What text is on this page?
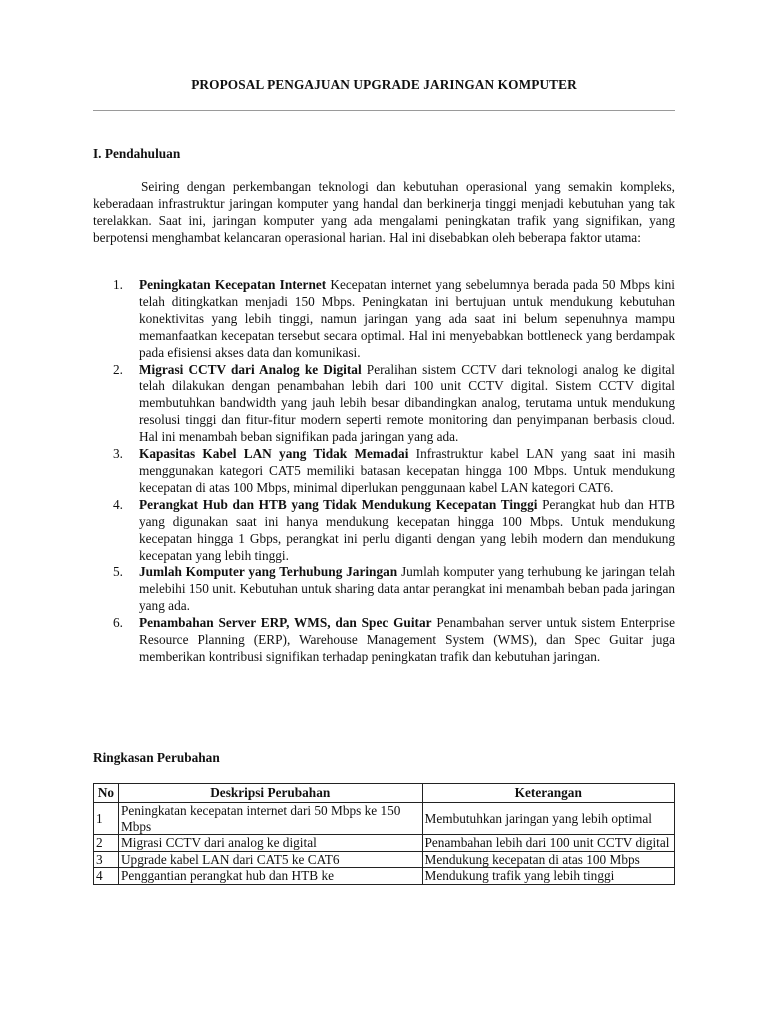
PROPOSAL PENGAJUAN UPGRADE JARINGAN KOMPUTER
I. Pendahuluan

Seiring dengan perkembangan teknologi dan kebutuhan operasional yang semakin kompleks, keberadaan infrastruktur jaringan komputer yang handal dan berkinerja tinggi menjadi kebutuhan yang tak terelakkan. Saat ini, jaringan komputer yang ada mengalami peningkatan trafik yang signifikan, yang berpotensi menghambat kelancaran operasional harian. Hal ini disebabkan oleh beberapa faktor utama:

1. Peningkatan Kecepatan Internet Kecepatan internet yang sebelumnya berada pada 50 Mbps kini telah ditingkatkan menjadi 150 Mbps. Peningkatan ini bertujuan untuk mendukung kebutuhan konektivitas yang lebih tinggi, namun jaringan yang ada saat ini belum sepenuhnya mampu memanfaatkan kecepatan tersebut secara optimal. Hal ini menyebabkan bottleneck yang berdampak pada efisiensi akses data dan komunikasi.
2. Migrasi CCTV dari Analog ke Digital Peralihan sistem CCTV dari teknologi analog ke digital telah dilakukan dengan penambahan lebih dari 100 unit CCTV digital. Sistem CCTV digital membutuhkan bandwidth yang jauh lebih besar dibandingkan analog, terutama untuk mendukung resolusi tinggi dan fitur-fitur modern seperti remote monitoring dan penyimpanan berbasis cloud. Hal ini menambah beban signifikan pada jaringan yang ada.
3. Kapasitas Kabel LAN yang Tidak Memadai Infrastruktur kabel LAN yang saat ini masih menggunakan kategori CAT5 memiliki batasan kecepatan hingga 100 Mbps. Untuk mendukung kecepatan di atas 100 Mbps, minimal diperlukan penggunaan kabel LAN kategori CAT6.
4. Perangkat Hub dan HTB yang Tidak Mendukung Kecepatan Tinggi Perangkat hub dan HTB yang digunakan saat ini hanya mendukung kecepatan hingga 100 Mbps. Untuk mendukung kecepatan hingga 1 Gbps, perangkat ini perlu diganti dengan yang lebih modern dan mendukung kecepatan yang lebih tinggi.
5. Jumlah Komputer yang Terhubung Jaringan Jumlah komputer yang terhubung ke jaringan telah melebihi 150 unit. Kebutuhan untuk sharing data antar perangkat ini menambah beban pada jaringan yang ada.
6. Penambahan Server ERP, WMS, dan Spec Guitar Penambahan server untuk sistem Enterprise Resource Planning (ERP), Warehouse Management System (WMS), dan Spec Guitar juga memberikan kontribusi signifikan terhadap peningkatan trafik dan kebutuhan jaringan.
Ringkasan Perubahan
No	Deskripsi Perubahan	Keterangan
1	Peningkatan kecepatan internet dari 50 Mbps ke 150 Mbps	Membutuhkan jaringan yang lebih optimal
2	Migrasi CCTV dari analog ke digital	Penambahan lebih dari 100 unit CCTV digital
3	Upgrade kabel LAN dari CAT5 ke CAT6	Mendukung kecepatan di atas 100 Mbps
4	Penggantian perangkat hub dan HTB ke	Mendukung trafik yang lebih tinggi
